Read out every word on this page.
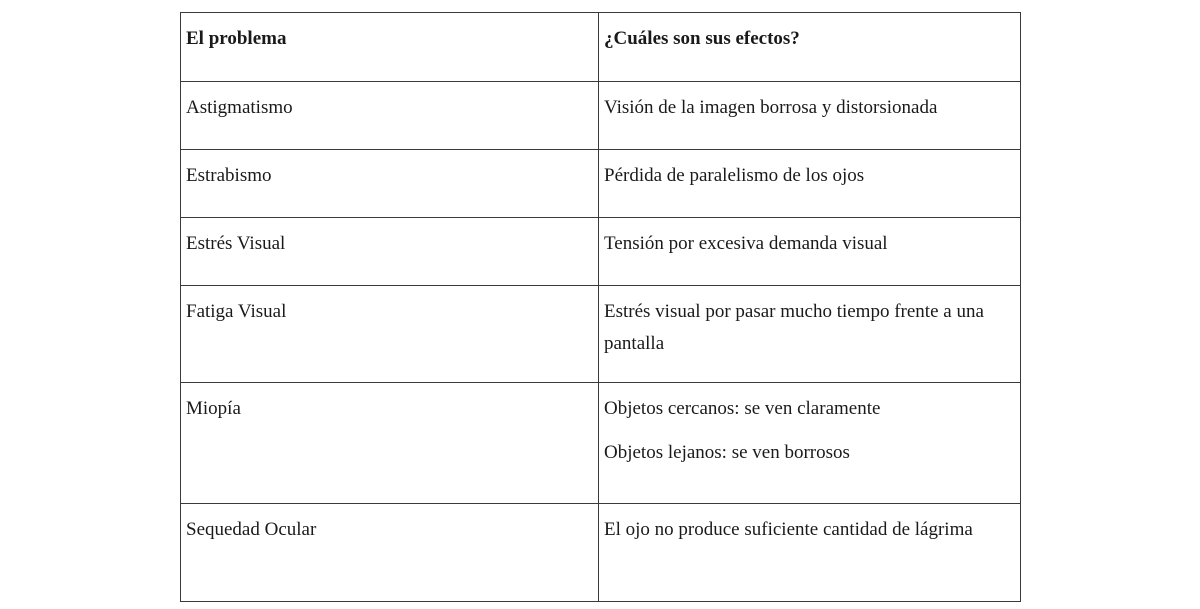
El problema	¿Cuáles son sus efectos?
Astigmatismo	Visión de la imagen borrosa y distorsionada

Estrabismo	Pérdida de paralelismo de los ojos

Estrés Visual	Tensión por excesiva demanda visual

Fatiga Visual	Estrés visual por pasar mucho tiempo frente a una pantalla

Miopía	Objetos cercanos: se ven claramente
Objetos lejanos: se ven borrosos

Sequedad Ocular	El ojo no produce suficiente cantidad de lágrima
